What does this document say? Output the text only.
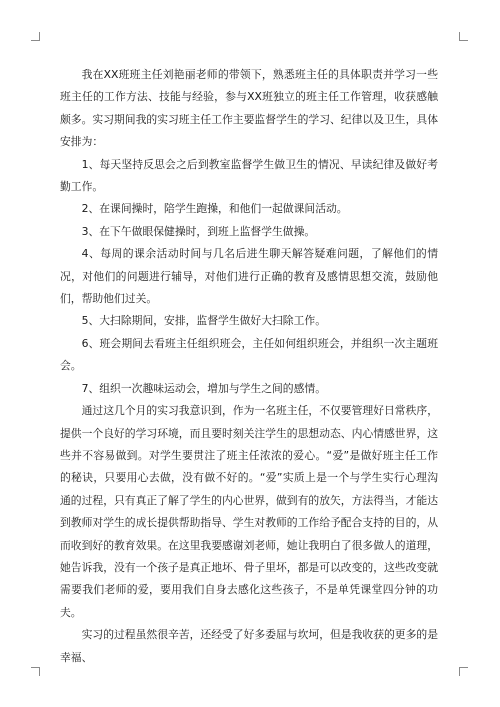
我在XX班班主任刘艳丽老师的带领下，熟悉班主任的具体职责并学习一些班主任的工作方法、技能与经验，参与XX班独立的班主任工作管理，收获感触颇多。实习期间我的实习班主任工作主要监督学生的学习、纪律以及卫生，具体安排为：

1、每天坚持反思会之后到教室监督学生做卫生的情况、早读纪律及做好考勤工作。

2、在课间操时，陪学生跑操，和他们一起做课间活动。

3、在下午做眼保健操时，到班上监督学生做操。

4、每周的课余活动时间与几名后进生聊天解答疑难问题，了解他们的情况，对他们的问题进行辅导，对他们进行正确的教育及感情思想交流，鼓励他们，帮助他们过关。

5、大扫除期间，安排，监督学生做好大扫除工作。

6、班会期间去看班主任组织班会，主任如何组织班会，并组织一次主题班会。

7、组织一次趣味运动会，增加与学生之间的感情。

通过这几个月的实习我意识到，作为一名班主任，不仅要管理好日常秩序，提供一个良好的学习环境，而且要时刻关注学生的思想动态、内心情感世界，这些并不容易做到。对学生要贯注了班主任浓浓的爱心。“爱”是做好班主任工作的秘诀，只要用心去做，没有做不好的。“爱”实质上是一个与学生实行心理沟通的过程，只有真正了解了学生的内心世界，做到有的放矢，方法得当，才能达到教师对学生的成长提供帮助指导、学生对教师的工作给予配合支持的目的，从而收到好的教育效果。在这里我要感谢刘老师，她让我明白了很多做人的道理，她告诉我，没有一个孩子是真正地坏、骨子里坏，都是可以改变的，这些改变就需要我们老师的爱，要用我们自身去感化这些孩子，不是单凭课堂四分钟的功夫。

实习的过程虽然很辛苦，还经受了好多委屈与坎坷，但是我收获的更多的是幸福、
